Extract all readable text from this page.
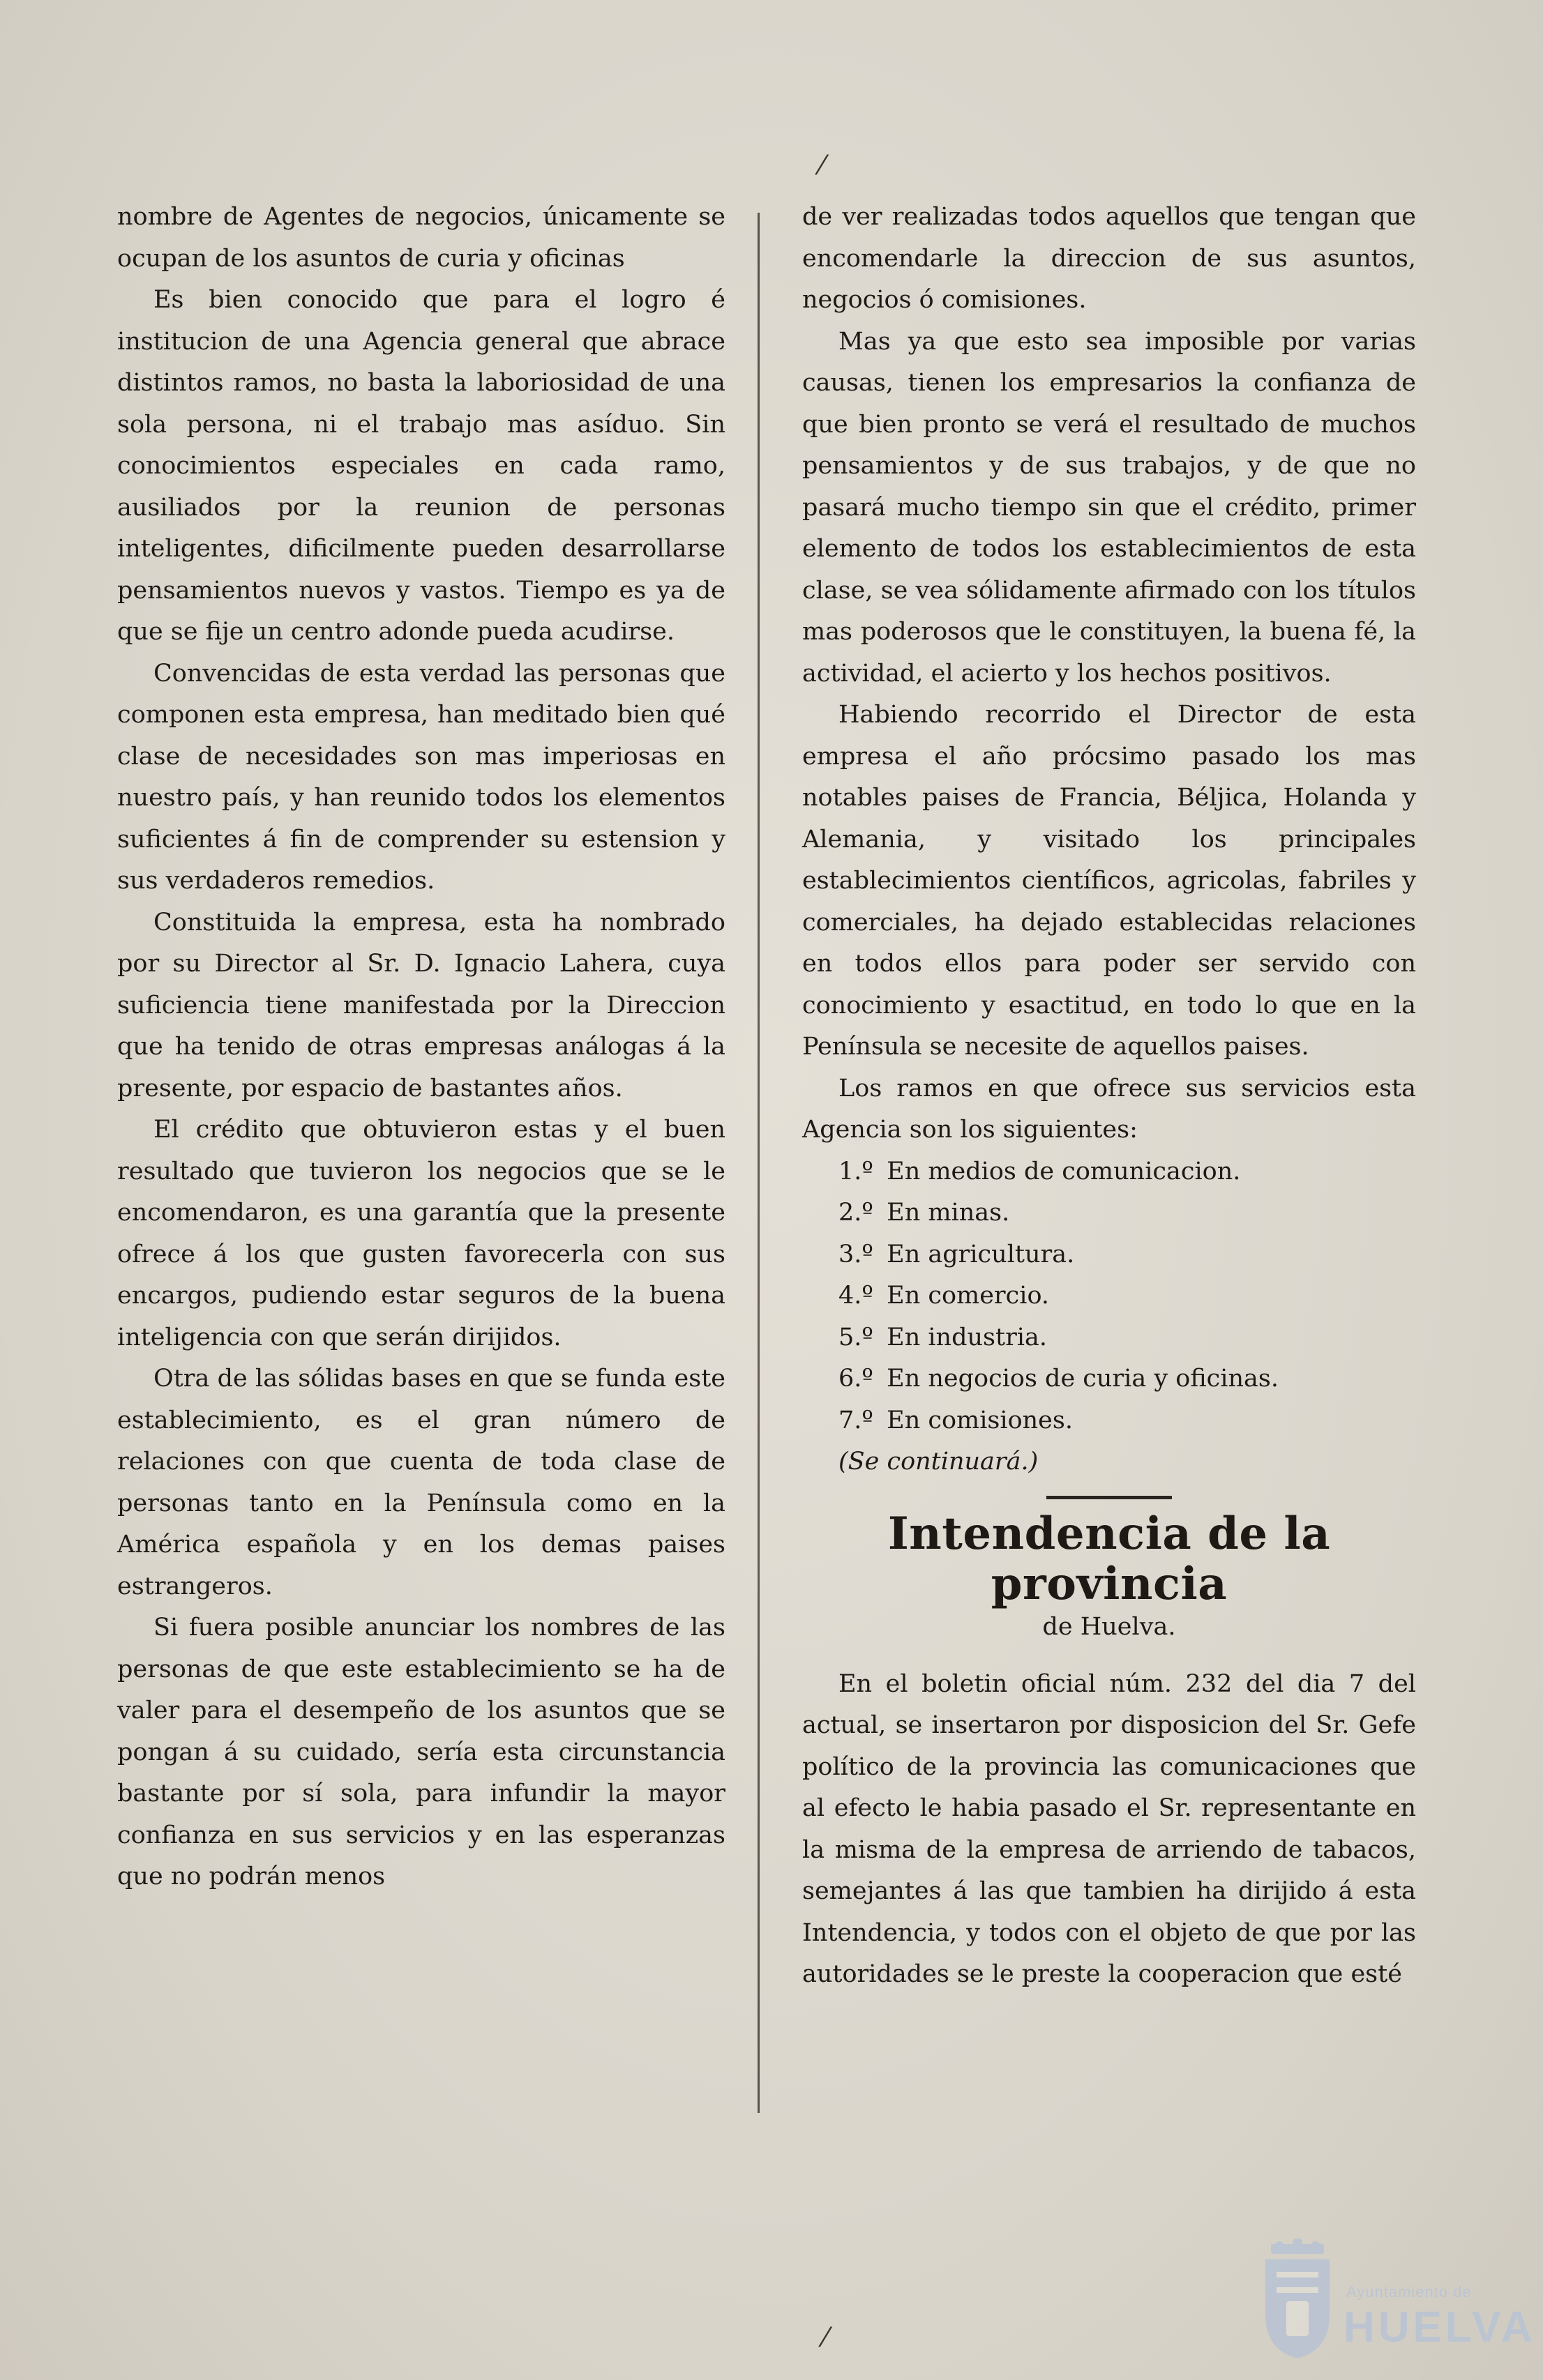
nombre de Agentes de negocios, únicamente se ocupan de los asuntos de curia y oficinas

Es bien conocido que para el logro é institucion de una Agencia general que abrace distintos ramos, no basta la laboriosidad de una sola persona, ni el trabajo mas asíduo. Sin conocimientos especiales en cada ramo, ausiliados por la reunion de personas inteligentes, dificilmente pueden desarrollarse pensamientos nuevos y vastos. Tiempo es ya de que se fije un centro adonde pueda acudirse.

Convencidas de esta verdad las personas que componen esta empresa, han meditado bien qué clase de necesidades son mas imperiosas en nuestro país, y han reunido todos los elementos suficientes á fin de comprender su estension y sus verdaderos remedios.

Constituida la empresa, esta ha nombrado por su Director al Sr. D. Ignacio Lahera, cuya suficiencia tiene manifestada por la Direccion que ha tenido de otras empresas análogas á la presente, por espacio de bastantes años.

El crédito que obtuvieron estas y el buen resultado que tuvieron los negocios que se le encomendaron, es una garantía que la presente ofrece á los que gusten favorecerla con sus encargos, pudiendo estar seguros de la buena inteligencia con que serán dirijidos.

Otra de las sólidas bases en que se funda este establecimiento, es el gran número de relaciones con que cuenta de toda clase de personas tanto en la Península como en la América española y en los demas paises estrangeros.

Si fuera posible anunciar los nombres de las personas de que este establecimiento se ha de valer para el desempeño de los asuntos que se pongan á su cuidado, sería esta circunstancia bastante por sí sola, para infundir la mayor confianza en sus servicios y en las esperanzas que no podrán menos

de ver realizadas todos aquellos que tengan que encomendarle la direccion de sus asuntos, negocios ó comisiones.

Mas ya que esto sea imposible por varias causas, tienen los empresarios la confianza de que bien pronto se verá el resultado de muchos pensamientos y de sus trabajos, y de que no pasará mucho tiempo sin que el crédito, primer elemento de todos los establecimientos de esta clase, se vea sólidamente afirmado con los títulos mas poderosos que le constituyen, la buena fé, la actividad, el acierto y los hechos positivos.

Habiendo recorrido el Director de esta empresa el año prócsimo pasado los mas notables paises de Francia, Béljica, Holanda y Alemania, y visitado los principales establecimientos científicos, agricolas, fabriles y comerciales, ha dejado establecidas relaciones en todos ellos para poder ser servido con conocimiento y esactitud, en todo lo que en la Península se necesite de aquellos paises.

Los ramos en que ofrece sus servicios esta Agencia son los siguientes:

1.º En medios de comunicacion.
2.º En minas.
3.º En agricultura.
4.º En comercio.
5.º En industria.
6.º En negocios de curia y oficinas.
7.º En comisiones.

(Se continuará.)

Intendencia de la provincia
de Huelva.

En el boletin oficial núm. 232 del dia 7 del actual, se insertaron por disposicion del Sr. Gefe político de la provincia las comunicaciones que al efecto le habia pasado el Sr. representante en la misma de la empresa de arriendo de tabacos, semejantes á las que tambien ha dirijido á esta Intendencia, y todos con el objeto de que por las autoridades se le preste la cooperacion que esté

⁄
⁄
Ayuntamiento de
HUELVA
